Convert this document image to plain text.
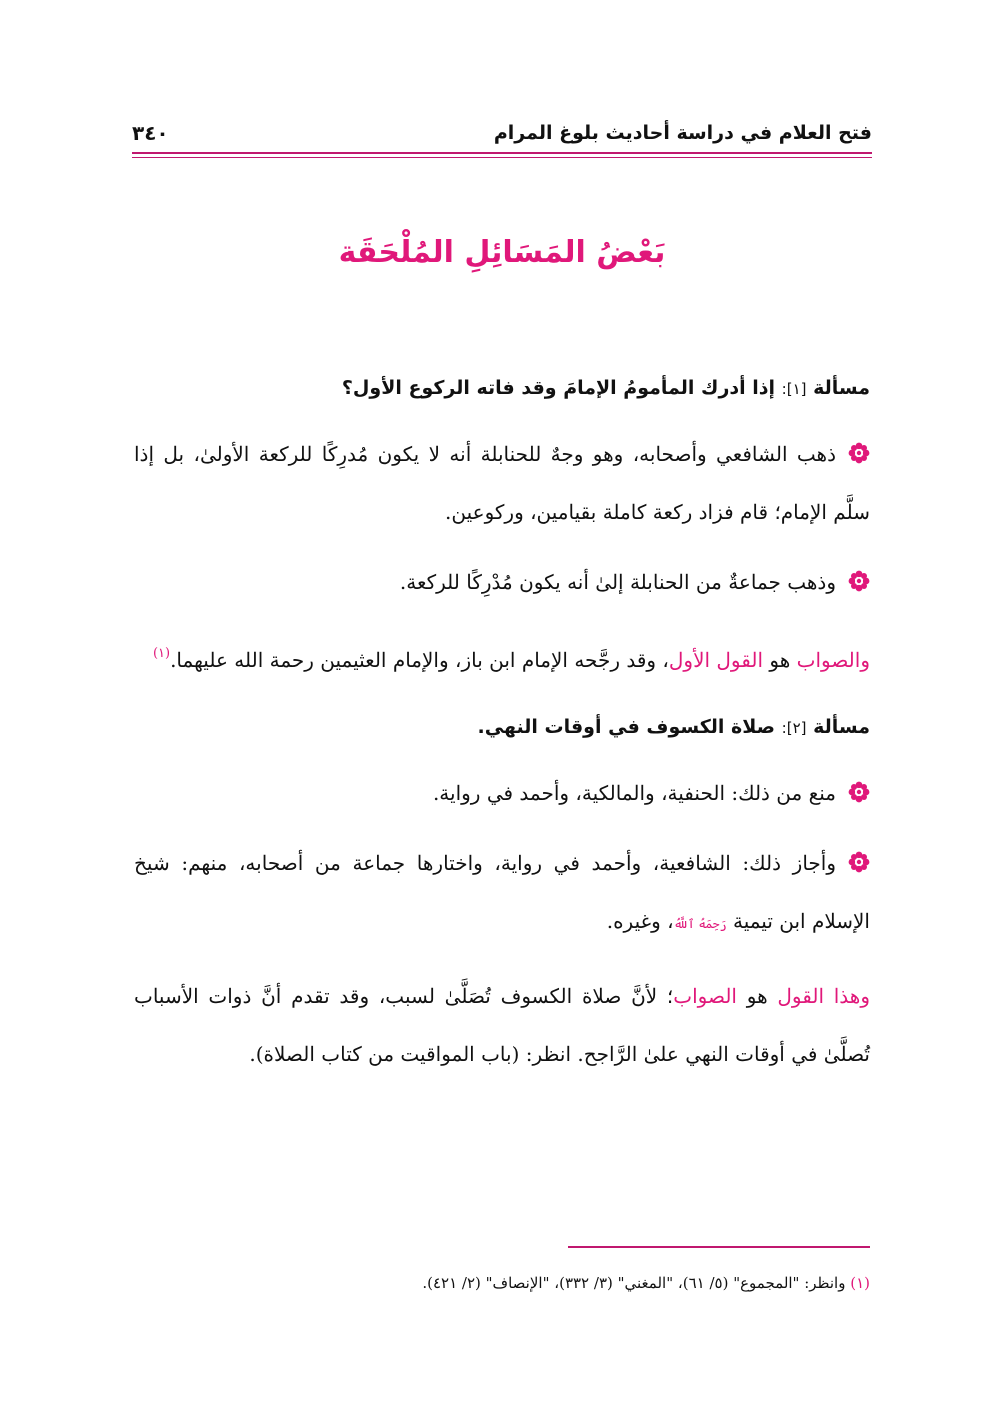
فتح العلام في دراسة أحاديث بلوغ المرام
٣٤٠
بَعْضُ المَسَائِلِ المُلْحَقَة
مسألة [١]: إذا أدرك المأمومُ الإمامَ وقد فاته الركوع الأول؟
ذهب الشافعي وأصحابه، وهو وجهٌ للحنابلة أنه لا يكون مُدرِكًا للركعة الأولىٰ، بل إذا سلَّم الإمام؛ قام فزاد ركعة كاملة بقيامين، وركوعين.
وذهب جماعةٌ من الحنابلة إلىٰ أنه يكون مُدْرِكًا للركعة.
والصواب هو القول الأول، وقد رجَّحه الإمام ابن باز، والإمام العثيمين رحمة الله عليهما.$^{(١)}$
مسألة [٢]: صلاة الكسوف في أوقات النهي.
منع من ذلك: الحنفية، والمالكية، وأحمد في رواية.
وأجاز ذلك: الشافعية، وأحمد في رواية، واختارها جماعة من أصحابه، منهم: شيخ الإسلام ابن تيمية رَحِمَهُ ٱللَّهُ، وغيره.
وهذا القول هو الصواب؛ لأنَّ صلاة الكسوف تُصَلَّىٰ لسبب، وقد تقدم أنَّ ذوات الأسباب تُصلَّىٰ في أوقات النهي علىٰ الرَّاجح. انظر: (باب المواقيت من كتاب الصلاة).
(١) وانظر: "المجموع" (٥/ ٦١)، "المغني" (٣/ ٣٣٢)، "الإنصاف" (٢/ ٤٢١).
